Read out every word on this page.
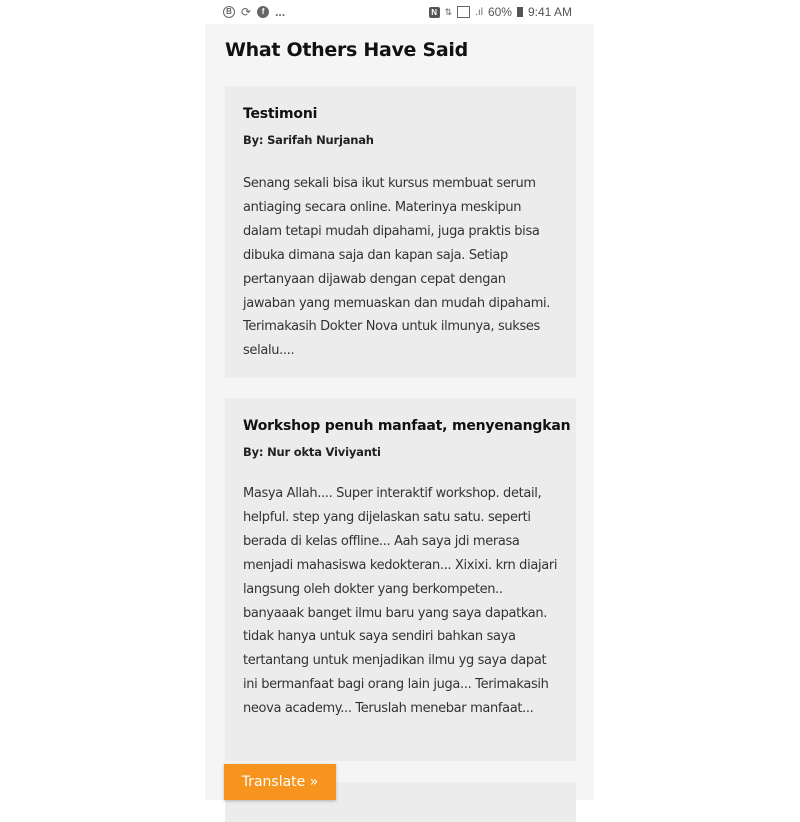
B ⟳	f ...	N ⇅ .ıl 60% 9:41 AM
What Others Have Said
Testimoni
By: Sarifah Nurjanah
Senang sekali bisa ikut kursus membuat serum antiaging secara online. Materinya meskipun dalam tetapi mudah dipahami, juga praktis bisa dibuka dimana saja dan kapan saja. Setiap pertanyaan dijawab dengan cepat dengan jawaban yang memuaskan dan mudah dipahami. Terimakasih Dokter Nova untuk ilmunya, sukses selalu....
Workshop penuh manfaat, menyenangkan
By: Nur okta Viviyanti
Masya Allah.... Super interaktif workshop. detail, helpful. step yang dijelaskan satu satu. seperti berada di kelas offline... Aah saya jdi merasa menjadi mahasiswa kedokteran... Xixixi. krn diajari langsung oleh dokter yang berkompeten.. banyaaak banget ilmu baru yang saya dapatkan. tidak hanya untuk saya sendiri bahkan saya tertantang untuk menjadikan ilmu yg saya dapat ini bermanfaat bagi orang lain juga... Terimakasih neova academy... Teruslah menebar manfaat...
Translate »
